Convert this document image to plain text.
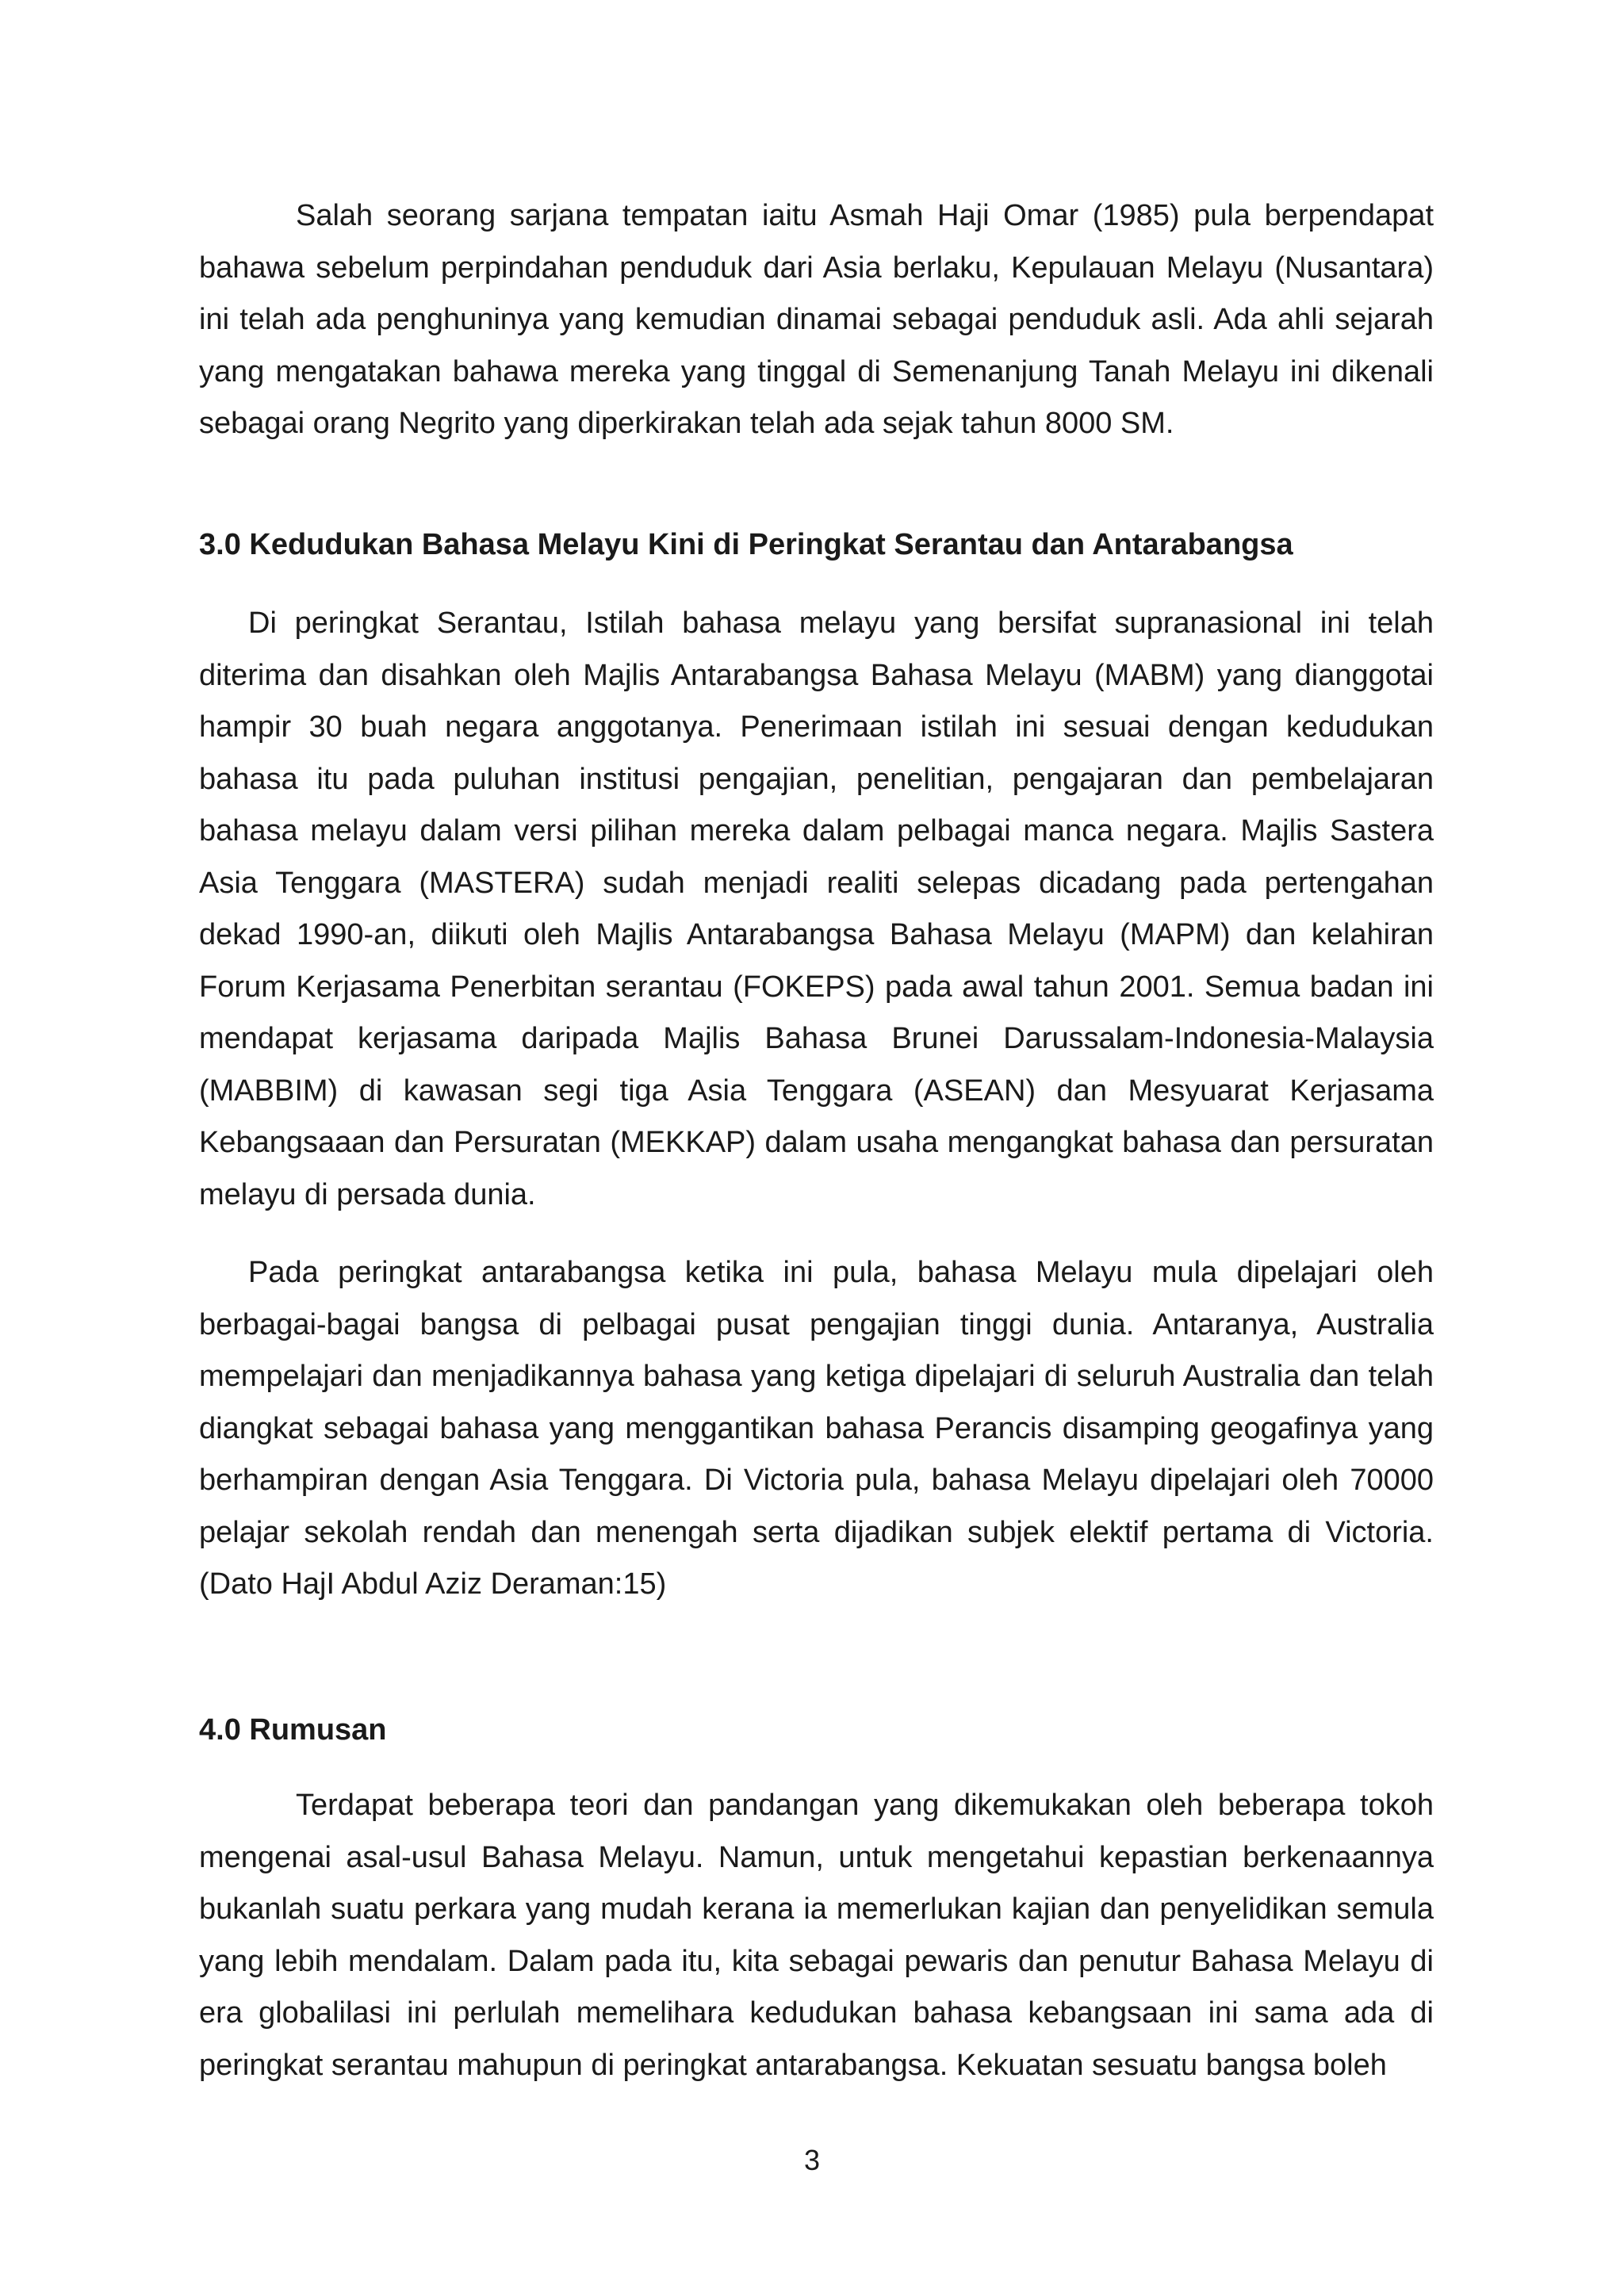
Salah seorang sarjana tempatan iaitu Asmah Haji Omar (1985) pula berpendapat bahawa sebelum perpindahan penduduk dari Asia berlaku, Kepulauan Melayu (Nusantara) ini telah ada penghuninya yang kemudian dinamai sebagai penduduk asli. Ada ahli sejarah yang mengatakan bahawa mereka yang tinggal di Semenanjung Tanah Melayu ini dikenali sebagai orang Negrito yang diperkirakan telah ada sejak tahun 8000 SM.

3.0 Kedudukan Bahasa Melayu Kini di Peringkat Serantau dan Antarabangsa

Di peringkat Serantau, Istilah bahasa melayu yang bersifat supranasional ini telah diterima dan disahkan oleh Majlis Antarabangsa Bahasa Melayu (MABM) yang dianggotai hampir 30 buah negara anggotanya. Penerimaan istilah ini sesuai dengan kedudukan bahasa itu pada puluhan institusi pengajian, penelitian, pengajaran dan pembelajaran bahasa melayu dalam versi pilihan mereka dalam pelbagai manca negara. Majlis Sastera Asia Tenggara (MASTERA) sudah menjadi realiti selepas dicadang pada pertengahan dekad 1990-an, diikuti oleh Majlis Antarabangsa Bahasa Melayu (MAPM) dan kelahiran Forum Kerjasama Penerbitan serantau (FOKEPS) pada awal tahun 2001. Semua badan ini mendapat kerjasama daripada Majlis Bahasa Brunei Darussalam-Indonesia-Malaysia (MABBIM) di kawasan segi tiga Asia Tenggara (ASEAN) dan Mesyuarat Kerjasama Kebangsaaan dan Persuratan (MEKKAP) dalam usaha mengangkat bahasa dan persuratan melayu di persada dunia.

Pada peringkat antarabangsa ketika ini pula, bahasa Melayu mula dipelajari oleh berbagai-bagai bangsa di pelbagai pusat pengajian tinggi dunia. Antaranya, Australia mempelajari dan menjadikannya bahasa yang ketiga dipelajari di seluruh Australia dan telah diangkat sebagai bahasa yang menggantikan bahasa Perancis disamping geogafinya yang berhampiran dengan Asia Tenggara. Di Victoria pula, bahasa Melayu dipelajari oleh 70000 pelajar sekolah rendah dan menengah serta dijadikan subjek elektif pertama di Victoria. (Dato HajI Abdul Aziz Deraman:15)

4.0 Rumusan

Terdapat beberapa teori dan pandangan yang dikemukakan oleh beberapa tokoh mengenai asal-usul Bahasa Melayu. Namun, untuk mengetahui kepastian berkenaannya bukanlah suatu perkara yang mudah kerana ia memerlukan kajian dan penyelidikan semula yang lebih mendalam. Dalam pada itu, kita sebagai pewaris dan penutur Bahasa Melayu di era globalilasi ini perlulah memelihara kedudukan bahasa kebangsaan ini sama ada di peringkat serantau mahupun di peringkat antarabangsa. Kekuatan sesuatu bangsa boleh

3
